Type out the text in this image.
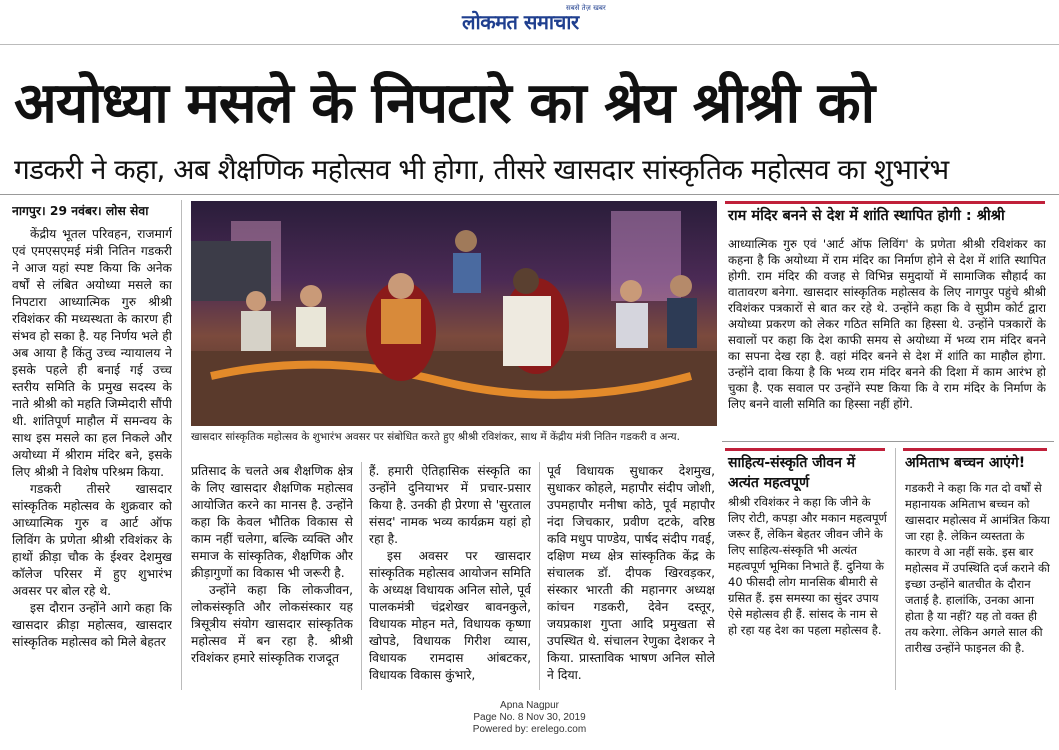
लोकमत समाचार
सबसे तेज़ खबर
अयोध्या मसले के निपटारे का श्रेय श्रीश्री को
गडकरी ने कहा, अब शैक्षणिक महोत्सव भी होगा, तीसरे खासदार सांस्कृतिक महोत्सव का शुभारंभ

नागपुर। 29 नवंबर। लोस सेवा

केंद्रीय भूतल परिवहन, राजमार्ग एवं एमएसएमई मंत्री नितिन गडकरी ने आज यहां स्पष्ट किया कि अनेक वर्षों से लंबित अयोध्या मसले का निपटारा आध्यात्मिक गुरु श्रीश्री रविशंकर की मध्यस्थता के कारण ही संभव हो सका है. यह निर्णय भले ही अब आया है किंतु उच्च न्यायालय ने इसके पहले ही बनाई गई उच्च स्तरीय समिति के प्रमुख सदस्य के नाते श्रीश्री को महति जिम्मेदारी सौंपी थी. शांतिपूर्ण माहौल में समन्वय के साथ इस मसले का हल निकले और अयोध्या में श्रीराम मंदिर बने, इसके लिए श्रीश्री ने विशेष परिश्रम किया.

गडकरी तीसरे खासदार सांस्कृतिक महोत्सव के शुक्रवार को आध्यात्मिक गुरु व आर्ट ऑफ लिविंग के प्रणेता श्रीश्री रविशंकर के हाथों क्रीड़ा चौक के ईश्वर देशमुख कॉलेज परिसर में हुए शुभारंभ अवसर पर बोल रहे थे.

इस दौरान उन्होंने आगे कहा कि खासदार क्रीड़ा महोत्सव, खासदार सांस्कृतिक महोत्सव को मिले बेहतर

खासदार सांस्कृतिक महोत्सव के शुभारंभ अवसर पर संबोधित करते हुए श्रीश्री रविशंकर, साथ में केंद्रीय मंत्री नितिन गडकरी व अन्य.

प्रतिसाद के चलते अब शैक्षणिक क्षेत्र के लिए खासदार शैक्षणिक महोत्सव आयोजित करने का मानस है. उन्होंने कहा कि केवल भौतिक विकास से काम नहीं चलेगा, बल्कि व्यक्ति और समाज के सांस्कृतिक, शैक्षणिक और क्रीड़ागुणों का विकास भी जरूरी है.

उन्होंने कहा कि लोकजीवन, लोकसंस्कृति और लोकसंस्कार यह त्रिसूत्रीय संयोग खासदार सांस्कृतिक महोत्सव में बन रहा है. श्रीश्री रविशंकर हमारे सांस्कृतिक राजदूत

हैं. हमारी ऐतिहासिक संस्कृति का उन्होंने दुनियाभर में प्रचार-प्रसार किया है. उनकी ही प्रेरणा से 'सुरताल संसद' नामक भव्य कार्यक्रम यहां हो रहा है.

इस अवसर पर खासदार सांस्कृतिक महोत्सव आयोजन समिति के अध्यक्ष विधायक अनिल सोले, पूर्व पालकमंत्री चंद्रशेखर बावनकुले, विधायक मोहन मते, विधायक कृष्णा खोपडे, विधायक गिरीश व्यास, विधायक रामदास आंबटकर, विधायक विकास कुंभारे,

पूर्व विधायक सुधाकर देशमुख, सुधाकर कोहले, महापौर संदीप जोशी, उपमहापौर मनीषा कोठे, पूर्व महापौर नंदा जिचकार, प्रवीण दटके, वरिष्ठ कवि मधुप पाण्डेय, पार्षद संदीप गवई, दक्षिण मध्य क्षेत्र सांस्कृतिक केंद्र के संचालक डॉ. दीपक खिरवड़कर, संस्कार भारती की महानगर अध्यक्ष कांचन गडकरी, देवेन दस्तूर, जयप्रकाश गुप्ता आदि प्रमुखता से उपस्थित थे. संचालन रेणुका देशकर ने किया. प्रास्ताविक भाषण अनिल सोले ने दिया.

राम मंदिर बनने से देश में शांति स्थापित होगी : श्रीश्री

आध्यात्मिक गुरु एवं 'आर्ट ऑफ लिविंग' के प्रणेता श्रीश्री रविशंकर का कहना है कि अयोध्या में राम मंदिर का निर्माण होने से देश में शांति स्थापित होगी. राम मंदिर की वजह से विभिन्न समुदायों में सामाजिक सौहार्द का वातावरण बनेगा. खासदार सांस्कृतिक महोत्सव के लिए नागपुर पहुंचे श्रीश्री रविशंकर पत्रकारों से बात कर रहे थे. उन्होंने कहा कि वे सुप्रीम कोर्ट द्वारा अयोध्या प्रकरण को लेकर गठित समिति का हिस्सा थे. उन्होंने पत्रकारों के सवालों पर कहा कि देश काफी समय से अयोध्या में भव्य राम मंदिर बनने का सपना देख रहा है. वहां मंदिर बनने से देश में शांति का माहौल होगा. उन्होंने दावा किया है कि भव्य राम मंदिर बनने की दिशा में काम आरंभ हो चुका है. एक सवाल पर उन्होंने स्पष्ट किया कि वे राम मंदिर के निर्माण के लिए बनने वाली समिति का हिस्सा नहीं होंगे.

साहित्य-संस्कृति जीवन में अत्यंत महत्वपूर्ण

श्रीश्री रविशंकर ने कहा कि जीने के लिए रोटी, कपड़ा और मकान महत्वपूर्ण जरूर हैं, लेकिन बेहतर जीवन जीने के लिए साहित्य-संस्कृति भी अत्यंत महत्वपूर्ण भूमिका निभाते हैं. दुनिया के 40 फीसदी लोग मानसिक बीमारी से ग्रसित हैं. इस समस्या का सुंदर उपाय ऐसे महोत्सव ही हैं. सांसद के नाम से हो रहा यह देश का पहला महोत्सव है.

अमिताभ बच्चन आएंगे!

गडकरी ने कहा कि गत दो वर्षों से महानायक अमिताभ बच्चन को खासदार महोत्सव में आमंत्रित किया जा रहा है. लेकिन व्यस्तता के कारण वे आ नहीं सके. इस बार महोत्सव में उपस्थिति दर्ज कराने की इच्छा उन्होंने बातचीत के दौरान जताई है. हालांकि, उनका आना होता है या नहीं? यह तो वक्त ही तय करेगा. लेकिन अगले साल की तारीख उन्होंने फाइनल की है.

Apna Nagpur
Page No. 8 Nov 30, 2019
Powered by: erelego.com
